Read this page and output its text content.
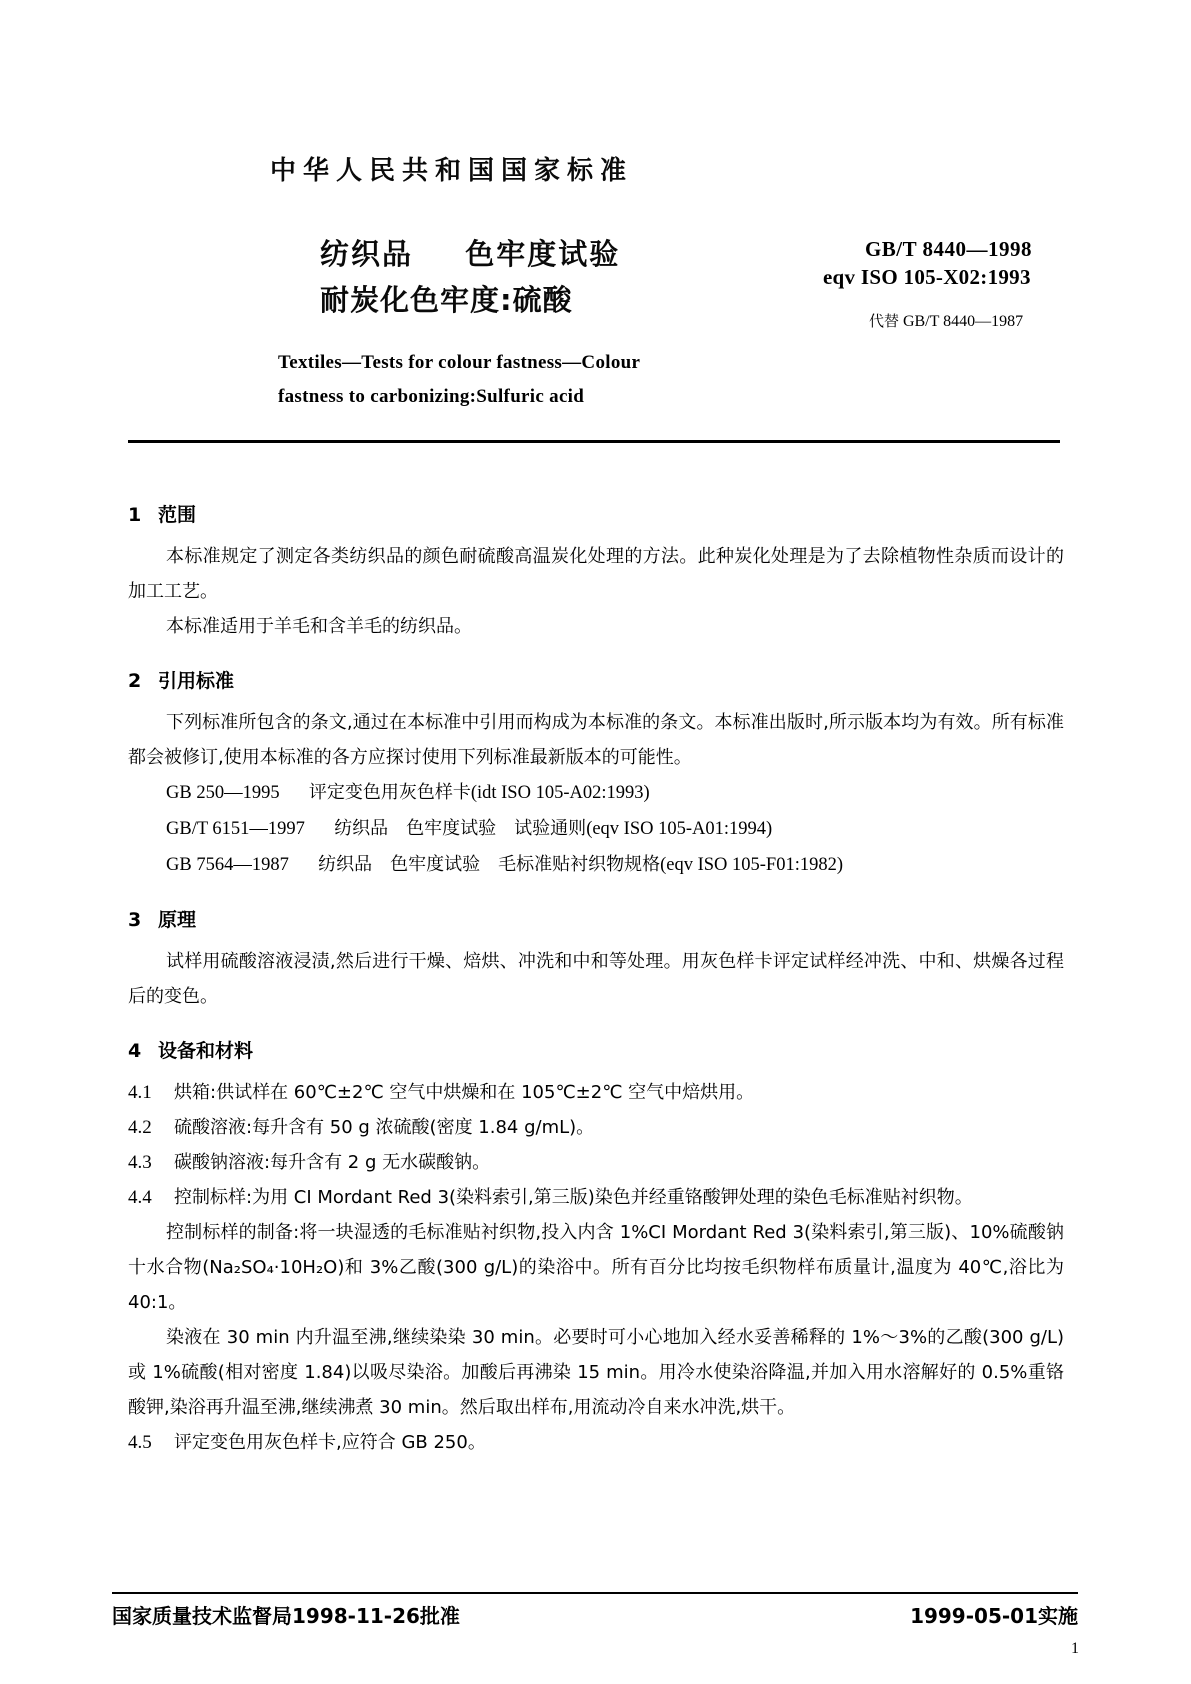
中华人民共和国国家标准
纺织品 色牢度试验
耐炭化色牢度:硫酸
GB/T 8440—1998
eqv ISO 105-X02:1993
代替 GB/T 8440—1987
Textiles—Tests for colour fastness—Colour
fastness to carbonizing:Sulfuric acid
1 范围

本标准规定了测定各类纺织品的颜色耐硫酸高温炭化处理的方法。此种炭化处理是为了去除植物性杂质而设计的加工工艺。

本标准适用于羊毛和含羊毛的纺织品。

2 引用标准

下列标准所包含的条文,通过在本标准中引用而构成为本标准的条文。本标准出版时,所示版本均为有效。所有标准都会被修订,使用本标准的各方应探讨使用下列标准最新版本的可能性。

GB 250—1995 评定变色用灰色样卡(idt ISO 105-A02:1993)
GB/T 6151—1997 纺织品　色牢度试验　试验通则(eqv ISO 105-A01:1994)
GB 7564—1987 纺织品　色牢度试验　毛标准贴衬织物规格(eqv ISO 105-F01:1982)
3 原理

试样用硫酸溶液浸渍,然后进行干燥、焙烘、冲洗和中和等处理。用灰色样卡评定试样经冲洗、中和、烘燥各过程后的变色。

4 设备和材料

4.1 烘箱:供试样在 60℃±2℃ 空气中烘燥和在 105℃±2℃ 空气中焙烘用。

4.2 硫酸溶液:每升含有 50 g 浓硫酸(密度 1.84 g/mL)。

4.3 碳酸钠溶液:每升含有 2 g 无水碳酸钠。

4.4 控制标样:为用 CI Mordant Red 3(染料索引,第三版)染色并经重铬酸钾处理的染色毛标准贴衬织物。

控制标样的制备:将一块湿透的毛标准贴衬织物,投入内含 1%CI Mordant Red 3(染料索引,第三版)、10%硫酸钠十水合物(Na₂SO₄·10H₂O)和 3%乙酸(300 g/L)的染浴中。所有百分比均按毛织物样布质量计,温度为 40℃,浴比为 40:1。

染液在 30 min 内升温至沸,继续染染 30 min。必要时可小心地加入经水妥善稀释的 1%～3%的乙酸(300 g/L)或 1%硫酸(相对密度 1.84)以吸尽染浴。加酸后再沸染 15 min。用冷水使染浴降温,并加入用水溶解好的 0.5%重铬酸钾,染浴再升温至沸,继续沸煮 30 min。然后取出样布,用流动冷自来水冲洗,烘干。

4.5 评定变色用灰色样卡,应符合 GB 250。

国家质量技术监督局1998-11-26批准	1999-05-01实施
1
